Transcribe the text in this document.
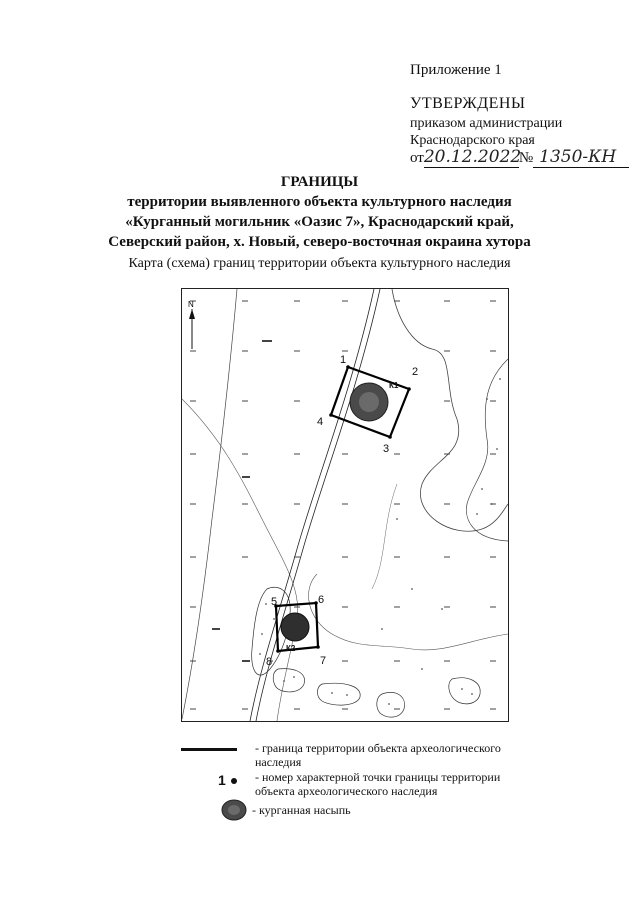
Приложение 1
УТВЕРЖДЕНЫ
приказом администрации
Краснодарского края
от20.12.2022№ 1350-КН
ГРАНИЦЫ
территории выявленного объекта культурного наследия
«Курганный могильник «Оазис 7», Краснодарский край,
Северский район, х. Новый, северо-восточная окраина хутора
Карта (схема) границ территории объекта культурного наследия
N
1
2
3
4
5	6
7
8
К1
К2
- граница территории объекта археологического
наследия
1	- номер характерной точки границы территории
объекта археологического наследия
- курганная насыпь
